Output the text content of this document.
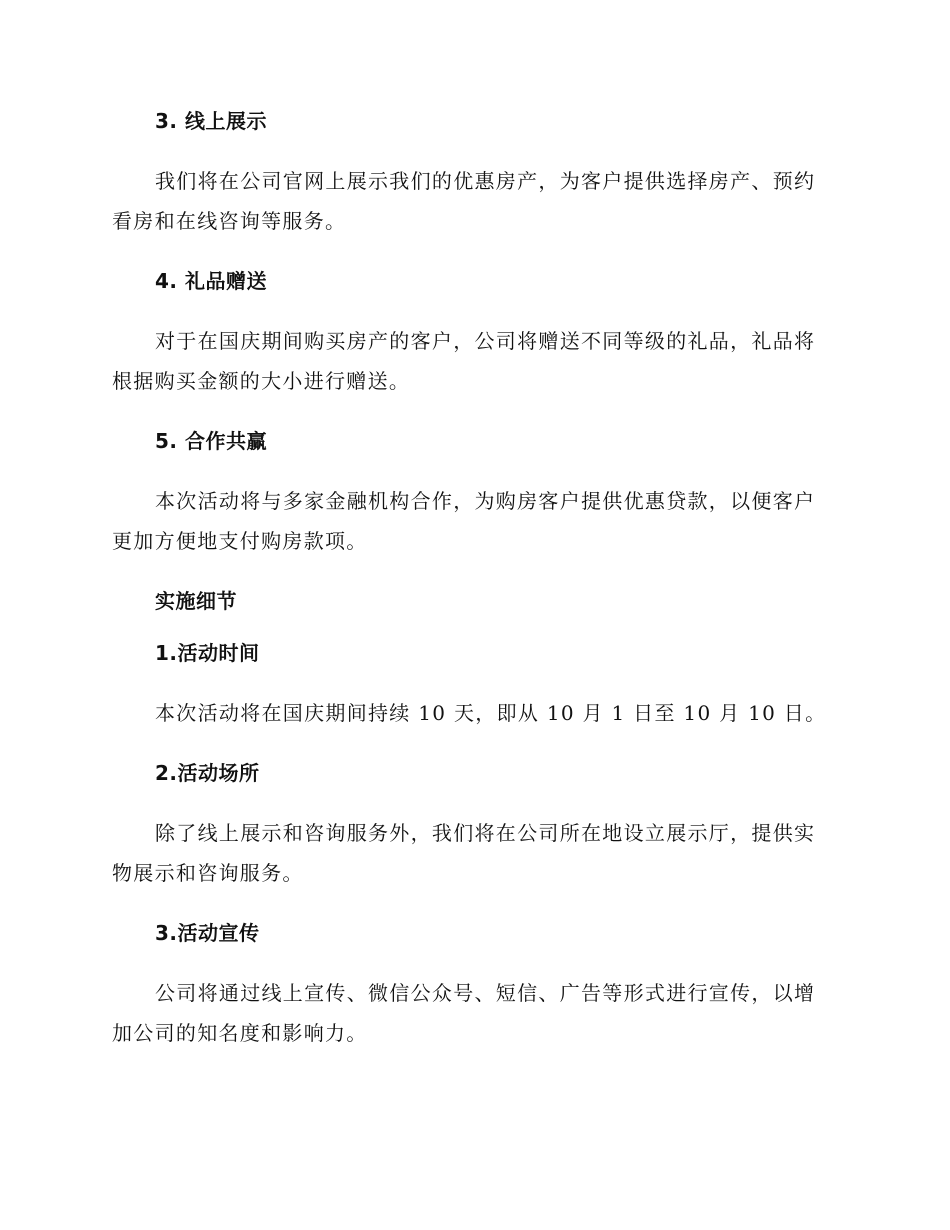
3. 线上展示
我们将在公司官网上展示我们的优惠房产，为客户提供选择房产、预约看房和在线咨询等服务。
4. 礼品赠送
对于在国庆期间购买房产的客户，公司将赠送不同等级的礼品，礼品将根据购买金额的大小进行赠送。
5. 合作共赢
本次活动将与多家金融机构合作，为购房客户提供优惠贷款，以便客户更加方便地支付购房款项。
实施细节
1.活动时间
本次活动将在国庆期间持续 10 天，即从 10 月 1 日至 10 月 10 日。
2.活动场所
除了线上展示和咨询服务外，我们将在公司所在地设立展示厅，提供实物展示和咨询服务。
3.活动宣传
公司将通过线上宣传、微信公众号、短信、广告等形式进行宣传，以增加公司的知名度和影响力。
